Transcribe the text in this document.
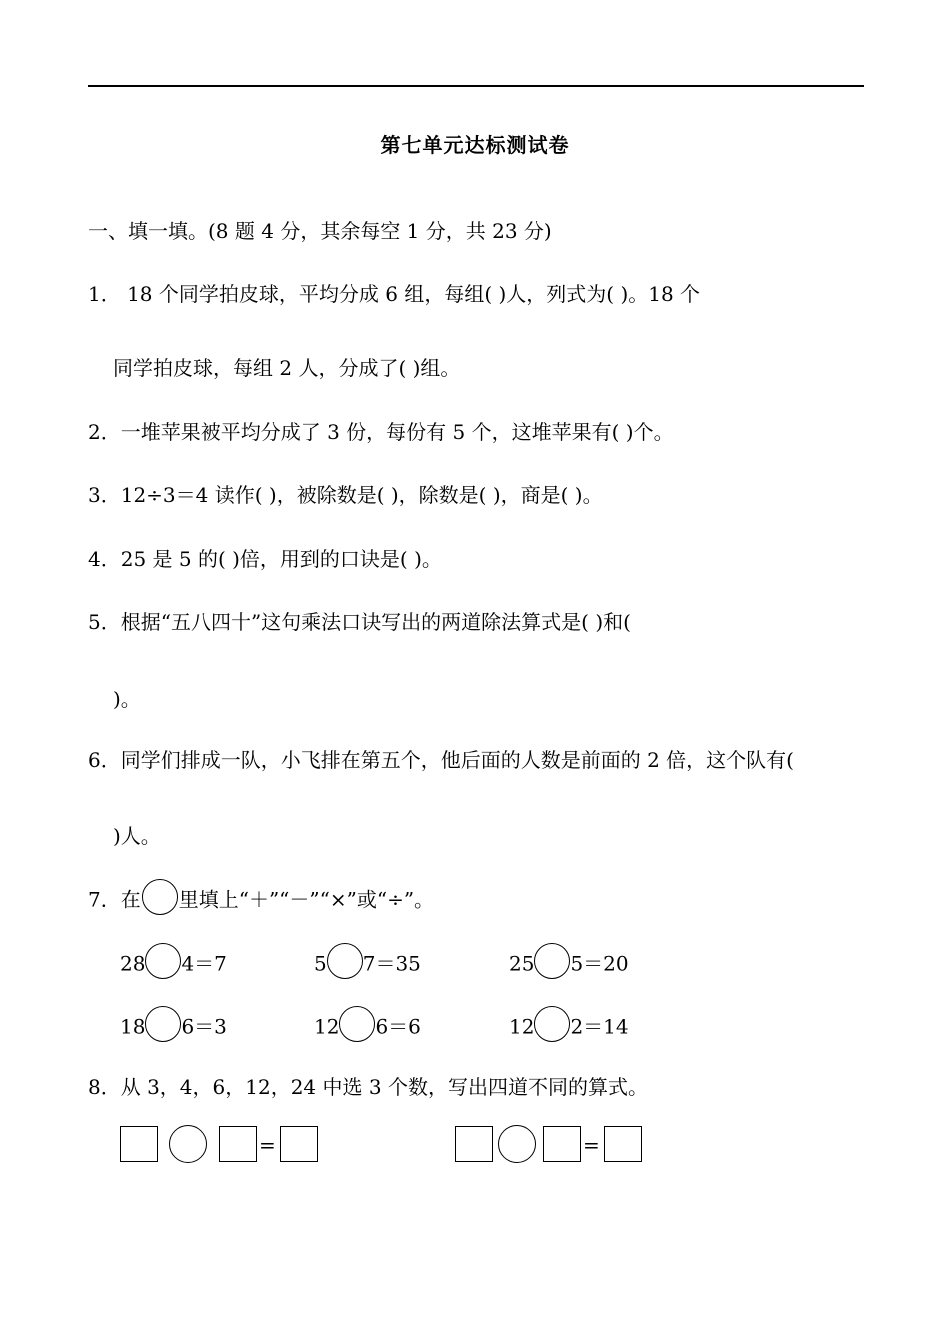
第七单元达标测试卷
一、填一填。(8 题 4 分，其余每空 1 分，共 23 分)
1． 18 个同学拍皮球，平均分成 6 组，每组( )人，列式为( )。18 个
同学拍皮球，每组 2 人，分成了( )组。
2．一堆苹果被平均分成了 3 份，每份有 5 个，这堆苹果有( )个。
3．12÷3＝4 读作( )，被除数是( )，除数是( )，商是( )。
4．25 是 5 的( )倍，用到的口诀是( )。
5．根据“五八四十”这句乘法口诀写出的两道除法算式是( )和(
)。
6．同学们排成一队，小飞排在第五个，他后面的人数是前面的 2 倍，这个队有(
)人。
7．在 里填上“＋”“－”“×”或“÷”。
28 4＝7	5 7＝35	25 5＝20
18 6＝3	12 6＝6	12 2＝14
8．从 3，4，6，12，24 中选 3 个数，写出四道不同的算式。
=	=
